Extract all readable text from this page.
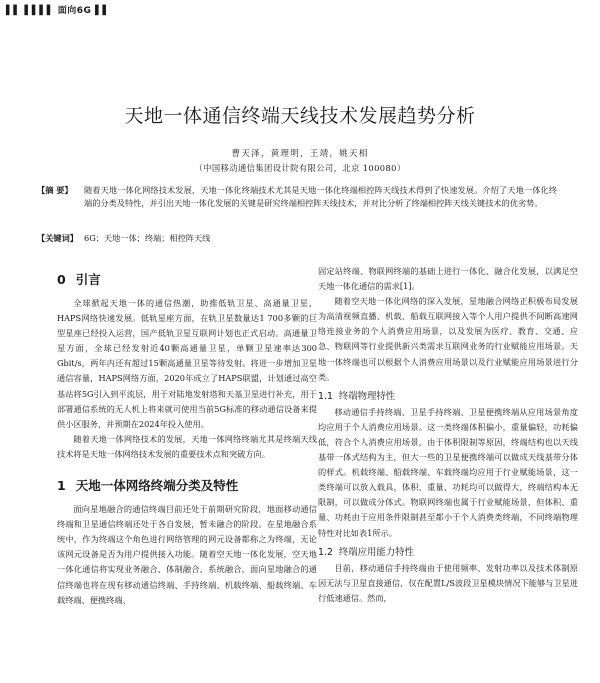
▌▌ ▌▌▌▌ 面向6G ▌▌
天地一体通信终端天线技术发展趋势分析
曹天泽，黄理明，王靖，姚天相
（中国移动通信集团设计院有限公司，北京 100080）
【摘 要】 随着天地一体化网络技术发展，天地一体化终端技术尤其是天地一体化终端相控阵天线技术得到了快速发展。介绍了天地一体化终端的分类及特性，并引出天地一体化发展的关键是研究终端相控阵天线技术，并对比分析了终端相控阵天线关键技术的优劣势。
【关键词】 6G；天地一体；终端；相控阵天线
0 引言

全球掀起天地一体的通信热潮，助推低轨卫星、高通量卫星、HAPS网络快速发展。低轨星座方面，在轨卫星数量达1 700多颗的巨型星座已经投入运营，国产低轨卫星互联网计划也正式启动。高通量卫星方面，全球已经发射近40颗高通量卫星，单颗卫星速率达300 Gbit/s，两年内还有超过15颗高通量卫星等待发射。将进一步增加卫星通信容量，HAPS网络方面，2020年成立了HAPS联盟，计划通过高空基站将5G引入到平流层，用于对陆地发射塔和天基卫星进行补充，用于部署通信系统的无人机上将来就可使用当前5G标准的移动通信设备来提供小区服务，并预期在2024年投入使用。

随着天地一体网络技术的发展，天地一体网络终端尤其是终端天线技术将是天地一体网络技术发展的重要技术点和突破方向。

1 天地一体网络终端分类及特性

面向星地融合的通信终端目前还处于前期研究阶段，地面移动通信终端和卫星通信终端还处于各自发展，暂未融合的阶段。在星地融合系统中，作为终端这个角色进行网络管理的网元设备都称之为终端，无论该网元设备是否为用户提供接入功能。随着空天地一体化发展，空天地一体化通信将实现业务融合、体制融合、系统融合，面向星地融合的通信终端也将在现有移动通信终端、手持终端、机载终端、船载终端、车载终端、便携终端、

固定站终端、物联网终端的基础上进行一体化、融合化发展，以满足空天地一体化通信的需求[1]。

随着空天地一体化网络的深入发展，星地融合网络正积极布局发展为高清视频直播、机载、船载互联网接入等个人用户提供不间断高速网络连接业务的个人消费应用场景，以及发展为医疗、教育、交通、应急、物联网等行业提供新兴类需求互联网业务的行业赋能应用场景。天地一体终端也可以根据个人消费应用场景以及行业赋能应用场景进行分类。

1.1 终端物理特性

移动通信手持终端、卫星手持终端、卫星便携终端从应用场景角度均应用于个人消费应用场景。这一类终端体积偏小，重量偏轻，功耗偏低，符合个人消费应用场景，由于体积限制等原因，终端结构也以天线基带一体式结构为主，但大一些的卫星便携终端可以做成天线基带分体的样式。机载终端、船载终端、车载终端均应用于行业赋能场景，这一类终端可以放入载具，体积、重量、功耗均可以做得大，终端结构本无限制，可以做成分体式。物联网终端也属于行业赋能场景，但体积、重量、功耗由于应用条件限制甚至都小于个人消费类终端，不同终端物理特性对比如表1所示。

1.2 终端应用能力特性

目前，移动通信手持终端由于使用频率、发射功率以及技术体制原因无法与卫星直接通信，仅在配置L/S波段卫星模块情况下能够与卫星进行低速通信。然而，
